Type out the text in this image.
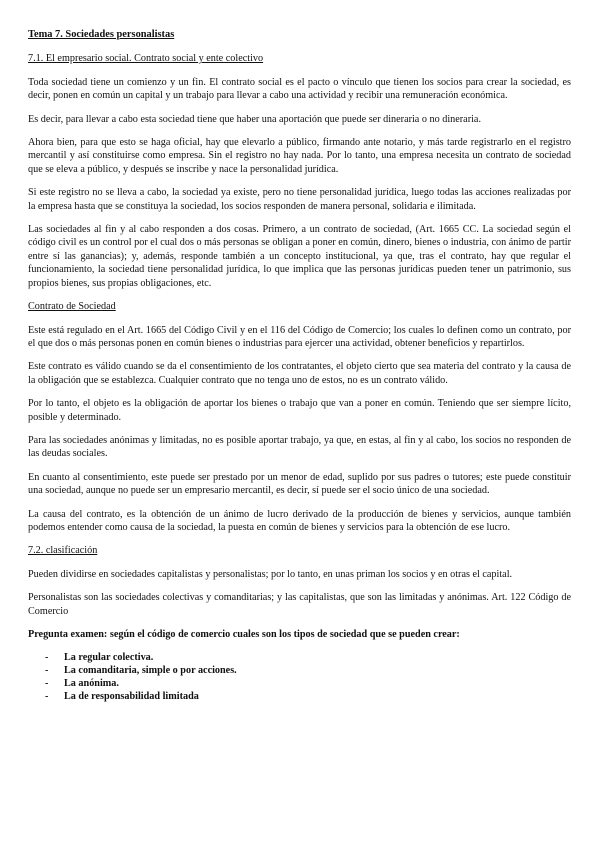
Tema 7. Sociedades personalistas

7.1. El empresario social. Contrato social y ente colectivo

Toda sociedad tiene un comienzo y un fin. El contrato social es el pacto o vínculo que tienen los socios para crear la sociedad, es decir, ponen en común un capital y un trabajo para llevar a cabo una actividad y recibir una remuneración económica.

Es decir, para llevar a cabo esta sociedad tiene que haber una aportación que puede ser dineraria o no dineraria.

Ahora bien, para que esto se haga oficial, hay que elevarlo a público, firmando ante notario, y más tarde registrarlo en el registro mercantil y así constituirse como empresa. Sin el registro no hay nada. Por lo tanto, una empresa necesita un contrato de sociedad que se eleva a público, y después se inscribe y nace la personalidad jurídica.

Si este registro no se lleva a cabo, la sociedad ya existe, pero no tiene personalidad jurídica, luego todas las acciones realizadas por la empresa hasta que se constituya la sociedad, los socios responden de manera personal, solidaria e ilimitada.

Las sociedades al fin y al cabo responden a dos cosas. Primero, a un contrato de sociedad, (Art. 1665 CC. La sociedad según el código civil es un control por el cual dos o más personas se obligan a poner en común, dinero, bienes o industria, con ánimo de partir entre sí las ganancias); y, además, responde también a un concepto institucional, ya que, tras el contrato, hay que regular el funcionamiento, la sociedad tiene personalidad jurídica, lo que implica que las personas jurídicas pueden tener un patrimonio, sus propios bienes, sus propias obligaciones, etc.

Contrato de Sociedad

Este está regulado en el Art. 1665 del Código Civil y en el 116 del Código de Comercio; los cuales lo definen como un contrato, por el que dos o más personas ponen en común bienes o industrias para ejercer una actividad, obtener beneficios y repartirlos.

Este contrato es válido cuando se da el consentimiento de los contratantes, el objeto cierto que sea materia del contrato y la causa de la obligación que se establezca. Cualquier contrato que no tenga uno de estos, no es un contrato válido.

Por lo tanto, el objeto es la obligación de aportar los bienes o trabajo que van a poner en común. Teniendo que ser siempre lícito, posible y determinado.

Para las sociedades anónimas y limitadas, no es posible aportar trabajo, ya que, en estas, al fin y al cabo, los socios no responden de las deudas sociales.

En cuanto al consentimiento, este puede ser prestado por un menor de edad, suplido por sus padres o tutores; este puede constituir una sociedad, aunque no puede ser un empresario mercantil, es decir, sí puede ser el socio único de una sociedad.

La causa del contrato, es la obtención de un ánimo de lucro derivado de la producción de bienes y servicios, aunque también podemos entender como causa de la sociedad, la puesta en común de bienes y servicios para la obtención de ese lucro.

7.2. clasificación

Pueden dividirse en sociedades capitalistas y personalistas; por lo tanto, en unas priman los socios y en otras el capital.

Personalistas son las sociedades colectivas y comanditarias; y las capitalistas, que son las limitadas y anónimas. Art. 122 Código de Comercio

Pregunta examen: según el código de comercio cuales son los tipos de sociedad que se pueden crear:

-	La regular colectiva.
-	La comanditaria, simple o por acciones.
-	La anónima.
-	La de responsabilidad limitada
